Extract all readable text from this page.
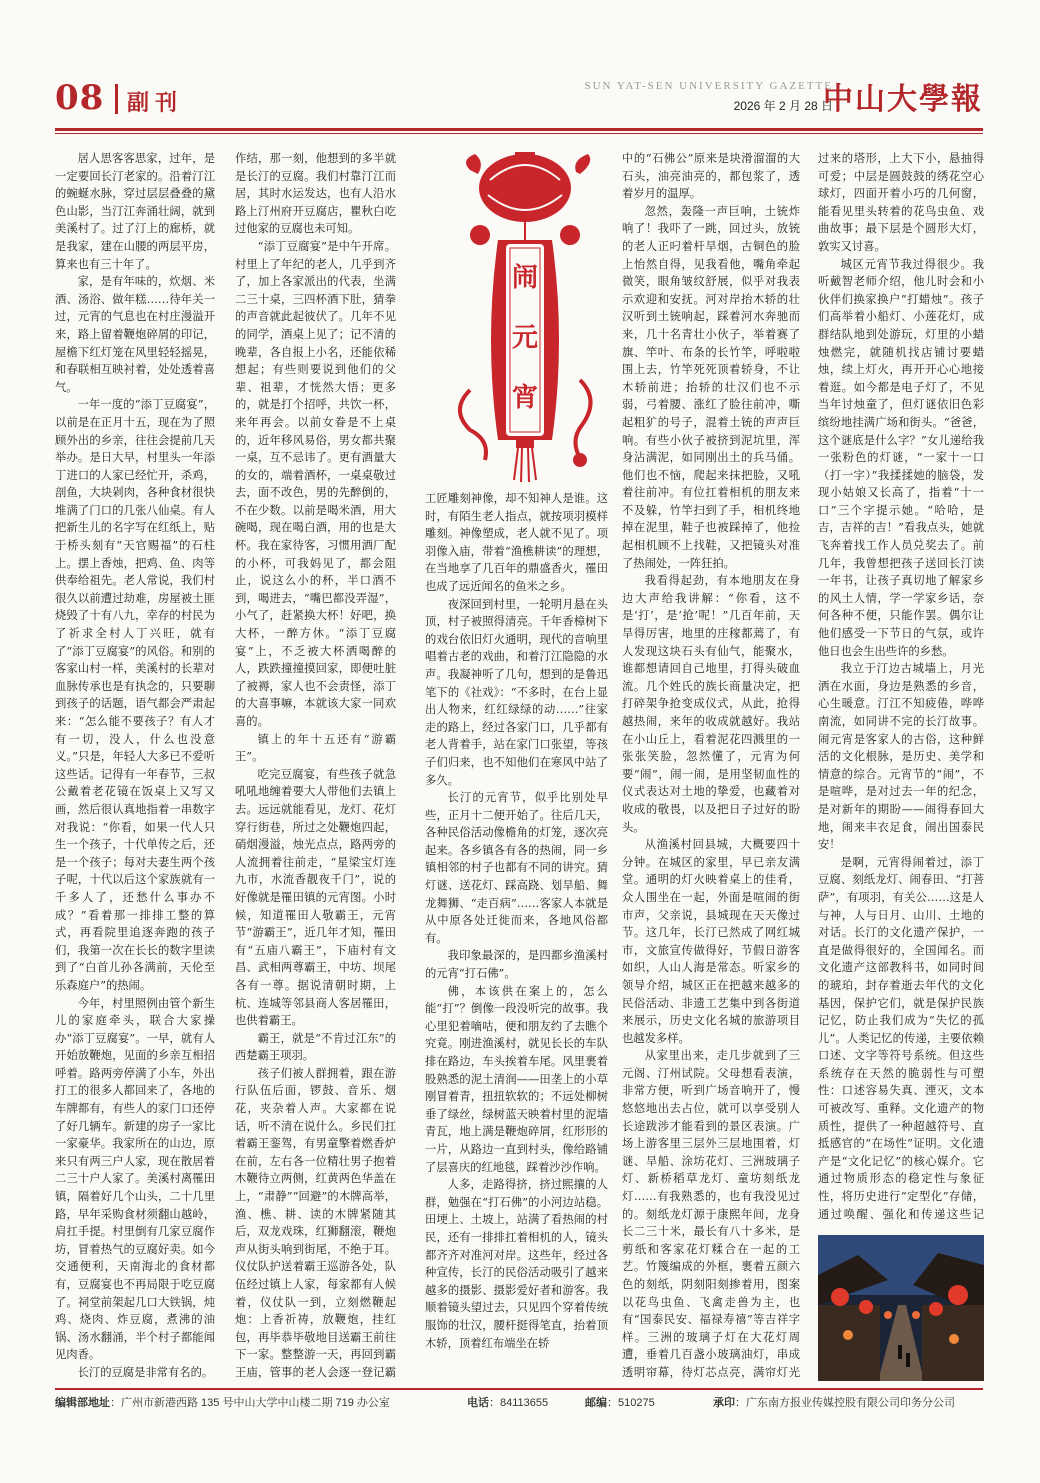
08 副刊
SUN YAT-SEN UNIVERSITY GAZETTE
2026 年 2 月 28 日
中山大學報

居人思客客思家，过年，是一定要回长汀老家的。沿着汀江的蜿蜒水脉，穿过层层叠叠的黛色山影，当汀江奔涌壮阔，就到美溪村了。过了汀上的廊桥，就是我家，建在山腰的两层平房，算来也有三十年了。

家，是有年味的，炊烟、米酒、汤浴、做年糕……待年关一过，元宵的气息也在村庄漫溢开来，路上留着鞭炮碎屑的印记，屋檐下红灯笼在风里轻轻摇晃，和春联相互映衬着，处处透着喜气。

一年一度的“添丁豆腐宴”，以前是在正月十五，现在为了照顾外出的乡亲，往往会提前几天举办。是日大早，村里头一年添丁进口的人家已经忙开，杀鸡，剖鱼，大块剁肉，各种食材很快堆满了门口的几张八仙桌。有人把新生儿的名字写在红纸上，贴于桥头刻有“天官赐福”的石柱上。摆上香烛，把鸡、鱼、肉等供奉给祖先。老人常说，我们村很久以前遭过劫难，房屋被土匪烧毁了十有八九，幸存的村民为了祈求全村人丁兴旺，就有了“添丁豆腐宴”的风俗。和别的客家山村一样，美溪村的长辈对血脉传承也是有执念的，只要聊到孩子的话题，语气都会严肃起来：“怎么能不要孩子？有人才有一切，没人，什么也没意义。”只是，年轻人大多已不爱听这些话。记得有一年春节，三叔公戴着老花镜在饭桌上又写又画，然后很认真地指着一串数字对我说：“你看，如果一代人只生一个孩子，十代单传之后，还是一个孩子；每对夫妻生两个孩子呢，十代以后这个家族就有一千多人了，还愁什么事办不成？”看着那一排排工整的算式，再看院里追逐奔跑的孩子们，我第一次在长长的数字里读到了“白首儿孙各满前，天伦至乐森庭户”的热闹。

今年，村里照例由管个新生儿的家庭牵头，联合大家操办“添丁豆腐宴”。一早，就有人开始放鞭炮，见面的乡亲互相招呼着。路两旁停满了小车，外出打工的很多人都回来了，各地的车牌都有，有些人的家门口还停了好几辆车。新建的房子一家比一家豪华。我家所在的山边，原来只有两三户人家，现在散居着二三十户人家了。美溪村离罹田镇，隔着好几个山头，二十几里路，早年采购食材须翻山越岭，肩扛手提。村里倒有几家豆腐作坊，冒着热气的豆腐好卖。如今交通便利，天南海北的食材都有，豆腐宴也不再局限于吃豆腐了。祠堂前架起几口大铁锅，炖鸡、烧肉、炸豆腐，煮沸的油锅、汤水翻涌，半个村子都能闻见肉香。

长汀的豆腐是非常有名的。

作结，那一刻，他想到的多半就是长汀的豆腐。我们村靠汀江而居，其时水运发达，也有人沿水路上汀州府开豆腐店，瞿秋白吃过他家的豆腐也未可知。

“添丁豆腐宴”是中午开席。村里上了年纪的老人，几乎到齐了，加上各家派出的代表，坐满二三十桌，三四杯酒下肚，猜拳的声音就此起彼伏了。几年不见的同学，酒桌上见了；记不清的晚辈，各自报上小名，还能依稀想起；有些则要说到他们的父辈、祖辈，才恍然大悟；更多的，就是打个招呼，共饮一杯，来年再会。以前女眷是不上桌的，近年移风易俗，男女都共聚一桌，互不忌讳了。更有酒量大的女的，端着酒杯，一桌桌敬过去，面不改色，男的先醉倒的，不在少数。以前是喝米酒，用大碗喝，现在喝白酒，用的也是大杯。我在家待客，习惯用酒厂配的小杯，可我妈见了，都会阻止，说这么小的杯，半口酒不到，喝进去，“嘴巴都没弄湿”，小气了，赶紧换大杯！好吧，换大杯，一醉方休。“添丁豆腐宴”上，不乏被大杯洒喝醉的人，跌跌撞撞摸回家，即便吐脏了被褥，家人也不会责怪，添丁的大喜事嘛，本就该大家一同欢喜的。

镇上的年十五还有“游霸王”。

吃完豆腐宴，有些孩子就急吼吼地缠着要大人带他们去镇上去。远远就能看见，龙灯、花灯穿行街巷，所过之处鞭炮四起，硝烟漫溢，烛光点点，路两旁的人流拥着往前走，“星梁宝灯连九市，水流香靓夜千门”，说的好像就是罹田镇的元宵图。小时候，知道罹田人敬霸王，元宵节“游霸王”，近几年才知，罹田有“五庙八霸王”，下庙村有文昌、武相两尊霸王，中坊、坝尾各有一尊。据说清朝时期，上杭、连城等邻县商人客居罹田，也供着霸王。

霸王，就是“不肯过江东”的西楚霸王项羽。

孩子们被人群拥着，跟在游行队伍后面，锣鼓、音乐、烟花，夹杂着人声。大家都在说话，听不清在说什么。乡民们扛着霸王銮驾，有男童擎着燃香炉在前，左右各一位精壮男子抱着木鞭待立两侧，红黄两色华盖在上，“肃静”“回避”的木牌高举，渔、樵、耕、读的木牌紧随其后，双龙戏珠，红狮翻滚，鞭炮声从街头响到街尾，不绝于耳。仪仗队护送着霸王巡游各处，队伍经过镇上人家，每家都有人候着，仪仗队一到，立刻燃鞭起炮：上香祈祷，放鞭炮，挂红包，再毕恭毕敬地目送霸王前往下一家。整整游一天，再回到霸王庙，管事的老人会逐一登记霸

闹
元
宵

工匠雕刻神像，却不知神人是谁。这时，有陌生老人指点，就按项羽模样雕刻。神像塑成，老人就不见了。项羽像入庙，带着“渔樵耕读”的理想，在当地享了几百年的鼎盛香火，罹田也成了远近闻名的鱼米之乡。

夜深回到村里，一轮明月悬在头顶，村子被照得清亮。千年香樟树下的戏台依旧灯火通明，现代的音响里唱着古老的戏曲，和着汀江隐隐的水声。我凝神听了几句，想到的是鲁迅笔下的《社戏》：“不多时，在台上显出人物来，红红绿绿的动……”往家走的路上，经过各家门口，几乎都有老人背着手，站在家门口张望，等孩子们归来，也不知他们在寒风中站了多久。

长汀的元宵节，似乎比别处早些，正月十二便开始了。往后几天，各种民俗活动像檐角的灯笼，逐次亮起来。各乡镇各有各的热闹，同一乡镇相邻的村子也都有不同的讲究。猜灯谜、送花灯、踩高跷、划旱船、舞龙舞狮、“走百病”……客家人本就是从中原各处迁徙而来，各地风俗都有。

我印象最深的，是四都乡渔溪村的元宵“打石佛”。

佛，本该供在案上的，怎么能“打”？倒像一段没听完的故事。我心里犯着嘀咕，便和朋友约了去瞧个究竟。刚进渔溪村，就见长长的车队排在路边，车头挨着车尾。风里裹着股熟悉的泥土清润——田垄上的小草刚冒着青，扭扭软软的；不远处柳树垂了绿丝，绿树蓝天映着村里的泥墙青瓦，地上满是鞭炮碎屑，红形形的一片，从路边一直到村头，像给路铺了层喜庆的红地毯，踩着沙沙作响。

人多，走路得挤，挤过熙攘的人群，勉强在“打石佛”的小河边站稳。田埂上、土坡上，站满了看热闹的村民，还有一排排扛着相机的人，镜头都齐齐对准河对岸。这些年，经过各种宣传，长汀的民俗活动吸引了越来越多的摄影、摄影爱好者和游客。我顺着镜头望过去，只见四个穿着传统服饰的壮汉，腰杆挺得笔直，抬着顶木轿，顶着红布端坐在轿

中的“石佛公”原来是块滑溜溜的大石头，油亮油亮的，都包浆了，透着岁月的温厚。

忽然，轰隆一声巨响，土铳炸响了！我吓了一跳，回过头，放铳的老人正叼着杆旱烟，古铜色的脸上怡然自得，见我看他，嘴角牵起微笑，眼角皱纹舒展，似乎对我表示欢迎和安抚。河对岸抬木轿的壮汉听到土铳响起，踩着河水奔驰而来，几十名青壮小伙子，举着赛了旗、竿叶、布条的长竹竿，呼啦啦围上去，竹竿死死顶着轿身，不让木轿前进；抬轿的壮汉们也不示弱，弓着腰、涨红了脸往前冲，嘶起粗犷的号子，混着土铳的声声巨响。有些小伙子被挤到泥坑里，浑身沾满泥，如同刚出土的兵马俑。他们也不恼，爬起来抹把脸，又吼着往前冲。有位扛着相机的朋友来不及躲，竹竿扫到了手，相机终地掉在泥里，鞋子也被踩掉了，他捡起相机顾不上找鞋，又把镜头对准了热闹处，一阵狂拍。

我看得起劲，有本地朋友在身边大声给我讲解：“你看，这不是‘打’，是‘抢’呢！”几百年前，天旱得厉害，地里的庄稼都蔫了，有人发现这块石头有仙气，能聚水，谁都想请回自己地里，打得头破血流。几个姓氏的族长商量决定，把打碎架争抢变成仪式，从此，抢得越热闹，来年的收成就越好。我站在小山丘上，看着泥花四溅里的一张张笑脸，忽然懂了，元宵为何要“闹”，闹一闹，是用坚韧血性的仪式表达对土地的挚爱，也藏着对收成的敬畏，以及把日子过好的盼头。

从渔溪村回县城，大概要四十分钟。在城区的家里，早已亲友满堂。通明的灯火映着桌上的佳肴，众人围坐在一起，外面是喧闹的街市声，父亲说，县城现在天天像过节。这几年，长汀已然成了网红城市，文旅宣传做得好，节假日游客如织，人山人海是常态。听家乡的领导介绍，城区正在把越来越多的民俗活动、非遗工艺集中到各街道来展示，历史文化名城的旅游项目也越发多样。

从家里出来，走几步就到了三元阁、汀州试院。父母想看表演，非常方便，听到广场音响开了，慢悠悠地出去占位，就可以享受别人长途跋涉才能看到的景区表演。广场上游客里三层外三层地围着，灯谜、旱船、涂坊花灯、三洲玻璃子灯、新桥稻草龙灯、童坊刻纸龙灯……有我熟悉的，也有我没见过的。刻纸龙灯源于康熙年间，龙身长二三十米，最长有八十多米，是剪纸和客家花灯糅合在一起的工艺。竹篾编成的外框，裹着五颜六色的刻纸，阴刻阳刻掺着用，图案以花鸟虫鱼、飞禽走兽为主，也有“国泰民安、福禄寿禧”等吉祥字样。三洲的玻璃子灯在大花灯周遭，垂着几百盏小玻璃油灯，串成透明帘幕，待灯芯点亮，满帘灯光

过来的塔形，上大下小，悬抽得可爱；中层是圆鼓鼓的绣花空心球灯，四面开着小巧的几何窗，能看见里头转着的花鸟虫鱼、戏曲故事；最下层是个圆形大灯，敦实又讨喜。

城区元宵节我过得很少。我听戴智老师介绍，他儿时会和小伙伴们换家换户“打蜡烛”。孩子们高举着小船灯、小莲花灯，成群结队地到处游玩，灯里的小蜡烛燃完，就随机找店铺讨要蜡烛，续上灯火，再开开心心地接着逛。如今都是电子灯了，不见当年讨烛童了，但灯谜依旧色彩缤纷地挂满广场和街头。“爸爸，这个谜底是什么字？”女儿递给我一张粉色的灯谜，“一家十一口（打一字）”我揉揉她的脑袋，发现小姑娘又长高了，指着“十一口”三个字提示她。“哈哈，是吉，吉祥的吉！”看我点头，她就飞奔着找工作人员兑奖去了。前几年，我曾想把孩子送回长汀读一年书，让孩子真切地了解家乡的风土人情，学一学家乡话，奈何各种不便，只能作罢。偶尔让他们感受一下节日的气氛，或许他日也会生出些许的乡愁。

我立于汀边古城墙上，月光洒在水面，身边是熟悉的乡音，心生暖意。汀江不知疲倦，哗哗南流，如同讲不完的长汀故事。闹元宵是客家人的古俗，这种鲜活的文化根脉，是历史、美学和情意的综合。元宵节的“闹”，不是喧哗，是对过去一年的纪念，是对新年的期盼——闹得春回大地，闹来丰衣足食，闹出国泰民安！

是啊，元宵得闹着过，添丁豆腐、刻纸龙灯、闹春田、“打菩萨”，有项羽，有关公……这是人与神，人与日月、山川、土地的对话。长汀的文化遗产保护，一直是做得很好的，全国闻名。而文化遗产这部教科书，如同时间的琥珀，封存着逝去年代的文化基因，保护它们，就是保护民族记忆，防止我们成为“失忆的孤儿”。人类记忆的传递，主要依赖口述、文字等符号系统。但这些系统存在天然的脆弱性与可塑性：口述容易失真、湮灭，文本可被改写、重释。文化遗产的物质性，提供了一种超越符号、直抵感官的“在场性”证明。文化遗产是“文化记忆”的核心媒介。它通过物质形态的稳定性与象征性，将历史进行“定型化”存储，通过唤醒、强化和传递这些记

编辑部地址：广州市新港西路 135 号中山大学中山楼二期 719 办公室	电话：84113655	邮编：510275	承印：广东南方报业传媒控股有限公司印务分公司
